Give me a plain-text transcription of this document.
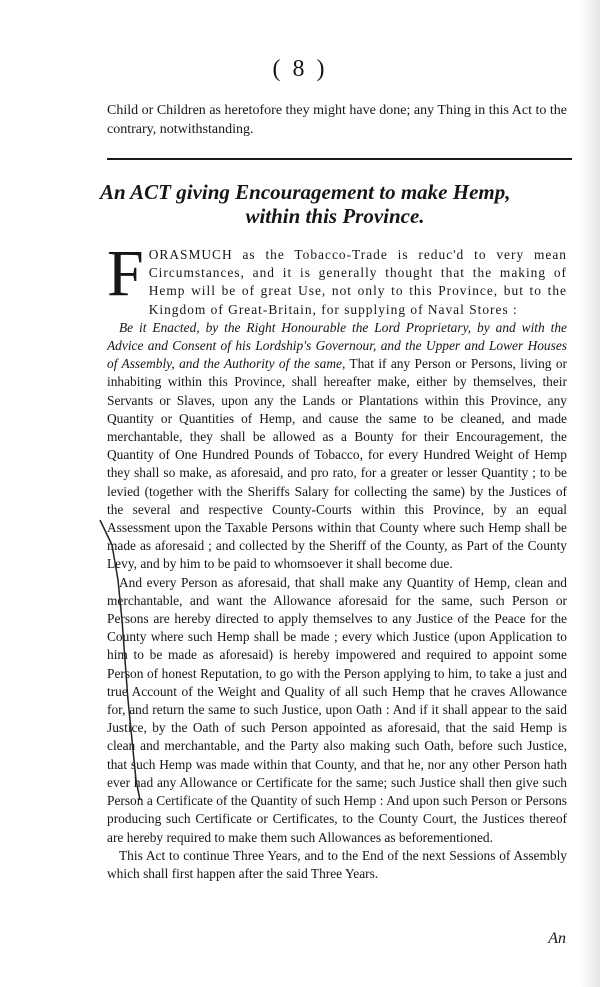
( 8 )

Child or Children as heretofore they might have done; any Thing in this Act to the contrary, notwithstanding.

An ACT giving Encouragement to make Hemp,
within this Province.

FORASMUCH as the Tobacco-Trade is reduc'd to very mean Circumstances, and it is generally thought that the making of Hemp will be of great Use, not only to this Province, but to the Kingdom of Great-Britain, for supplying of Naval Stores :

Be it Enacted, by the Right Honourable the Lord Proprietary, by and with the Advice and Consent of his Lordship's Governour, and the Upper and Lower Houses of Assembly, and the Authority of the same, That if any Person or Persons, living or inhabiting within this Province, shall hereafter make, either by themselves, their Servants or Slaves, upon any the Lands or Plantations within this Province, any Quantity or Quantities of Hemp, and cause the same to be cleaned, and made merchantable, they shall be allowed as a Bounty for their Encouragement, the Quantity of One Hundred Pounds of Tobacco, for every Hundred Weight of Hemp they shall so make, as aforesaid, and pro rato, for a greater or lesser Quantity ; to be levied (together with the Sheriffs Salary for collecting the same) by the Justices of the several and respective County-Courts within this Province, by an equal Assessment upon the Taxable Persons within that County where such Hemp shall be made as aforesaid ; and collected by the Sheriff of the County, as Part of the County Levy, and by him to be paid to whomsoever it shall become due.

And every Person as aforesaid, that shall make any Quantity of Hemp, clean and merchantable, and want the Allowance aforesaid for the same, such Person or Persons are hereby directed to apply themselves to any Justice of the Peace for the County where such Hemp shall be made ; every which Justice (upon Application to him to be made as aforesaid) is hereby impowered and required to appoint some Person of honest Reputation, to go with the Person applying to him, to take a just and true Account of the Weight and Quality of all such Hemp that he craves Allowance for, and return the same to such Justice, upon Oath : And if it shall appear to the said Justice, by the Oath of such Person appointed as aforesaid, that the said Hemp is clean and merchantable, and the Party also making such Oath, before such Justice, that such Hemp was made within that County, and that he, nor any other Person hath ever had any Allowance or Certificate for the same; such Justice shall then give such Person a Certificate of the Quantity of such Hemp : And upon such Person or Persons producing such Certificate or Certificates, to the County Court, the Justices thereof are hereby required to make them such Allowances as beforementioned.

This Act to continue Three Years, and to the End of the next Sessions of Assembly which shall first happen after the said Three Years.

An
